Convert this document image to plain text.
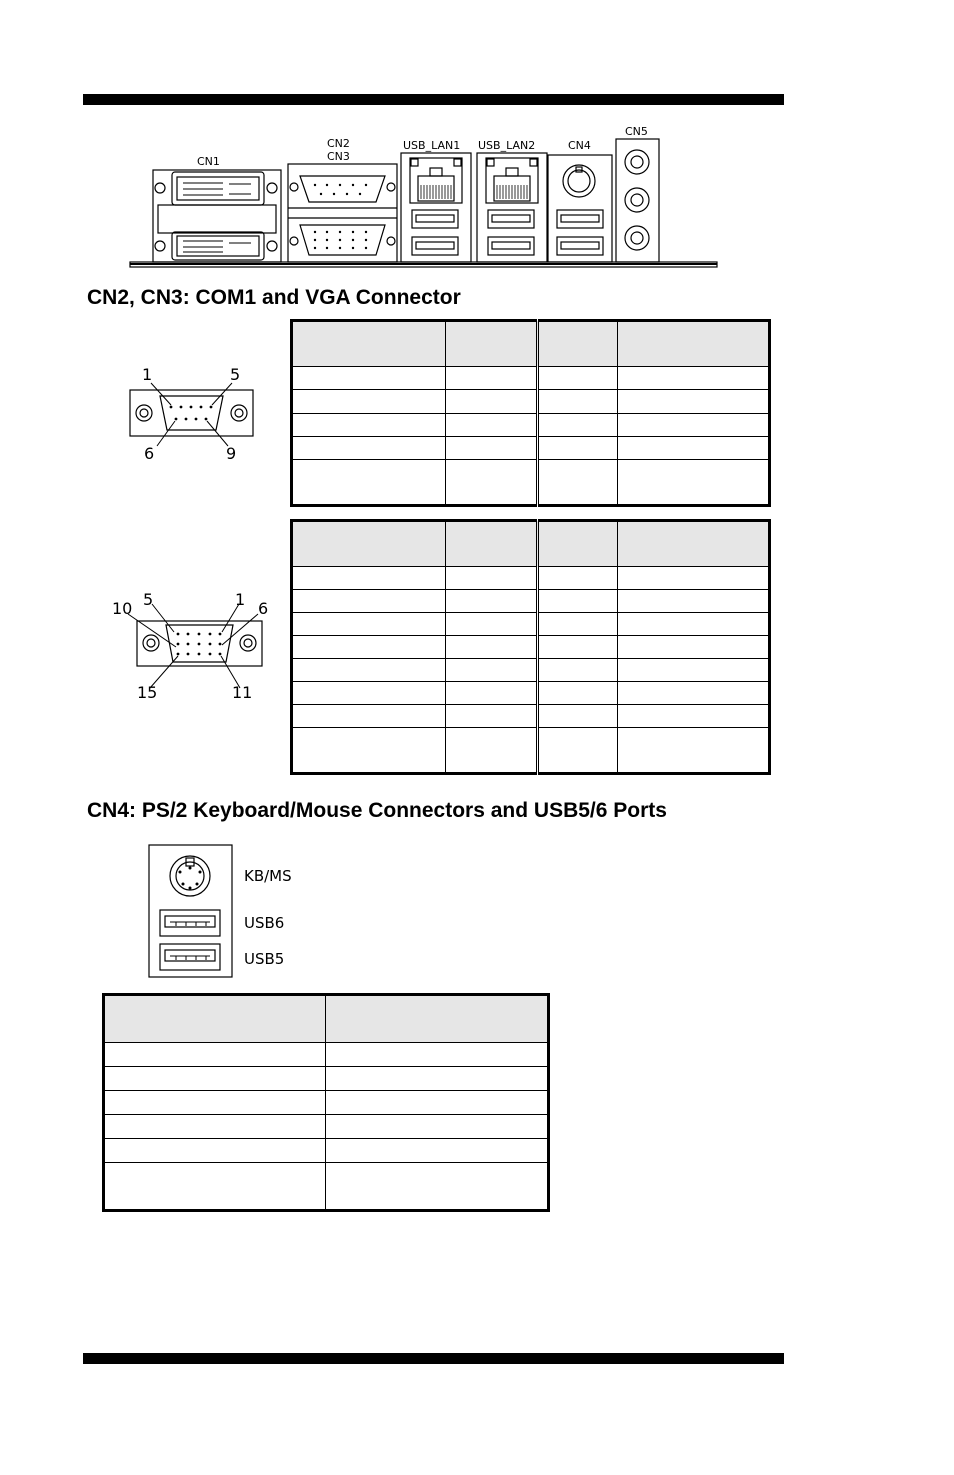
CN1
CN2
CN3
USB_LAN1 USB_LAN2	CN4
CN5
CN2, CN3: COM1 and VGA Connector
1	5
6	9
10 5	1 6
15	11

CN4: PS/2 Keyboard/Mouse Connectors and USB5/6 Ports
KB/MS
USB6
USB5
